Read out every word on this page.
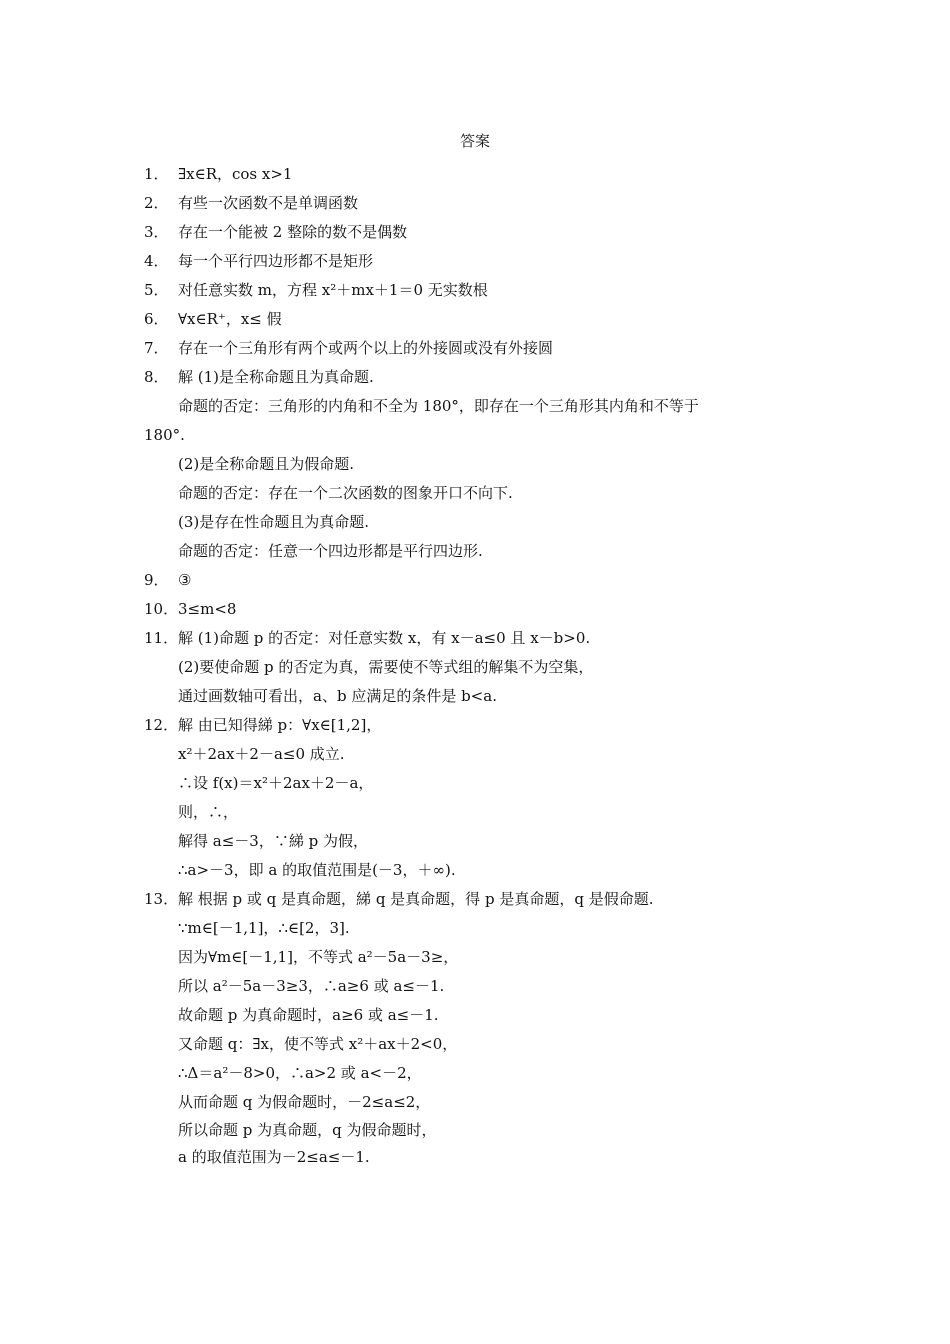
答案
1． ∃x∈R，cos x>1
2． 有些一次函数不是单调函数
3． 存在一个能被 2 整除的数不是偶数
4． 每一个平行四边形都不是矩形
5． 对任意实数 m，方程 x²＋mx＋1＝0 无实数根
6． ∀x∈R⁺，x≤ 假
7． 存在一个三角形有两个或两个以上的外接圆或没有外接圆
8． 解 (1)是全称命题且为真命题.
命题的否定：三角形的内角和不全为 180°，即存在一个三角形其内角和不等于
180°.
(2)是全称命题且为假命题.
命题的否定：存在一个二次函数的图象开口不向下.
(3)是存在性命题且为真命题.
命题的否定：任意一个四边形都是平行四边形.
9． ③
10．3≤m<8
11．解 (1)命题 p 的否定：对任意实数 x，有 x－a≤0 且 x－b>0.
(2)要使命题 p 的否定为真，需要使不等式组的解集不为空集，
通过画数轴可看出，a、b 应满足的条件是 b<a.
12．解 由已知得綈 p：∀x∈[1,2]，
x²＋2ax＋2－a≤0 成立.
∴设 f(x)＝x²＋2ax＋2－a，
则，∴，
解得 a≤－3，∵綈 p 为假，
∴a>－3，即 a 的取值范围是(－3，＋∞).
13．解 根据 p 或 q 是真命题，綈 q 是真命题，得 p 是真命题，q 是假命题.
∵m∈[－1,1]，∴∈[2，3].
因为∀m∈[－1,1]，不等式 a²－5a－3≥，
所以 a²－5a－3≥3，∴a≥6 或 a≤－1.
故命题 p 为真命题时，a≥6 或 a≤－1.
又命题 q：∃x，使不等式 x²＋ax＋2<0，
∴Δ＝a²－8>0，∴a>2 或 a<－2，
从而命题 q 为假命题时，－2≤a≤2，
所以命题 p 为真命题，q 为假命题时，
a 的取值范围为－2≤a≤－1.
